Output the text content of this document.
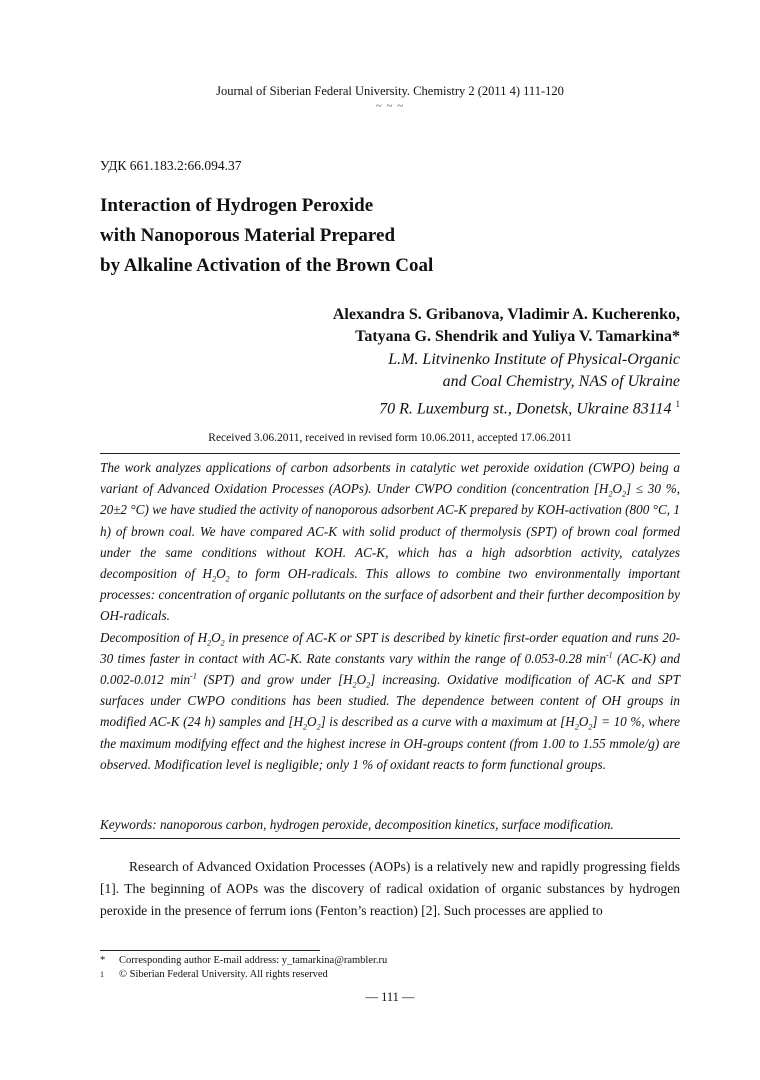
Journal of Siberian Federal University. Chemistry 2 (2011 4) 111-120
~ ~ ~
УДК 661.183.2:66.094.37
Interaction of Hydrogen Peroxide
with Nanoporous Material Prepared
by Alkaline Activation of the Brown Coal
Alexandra S. Gribanova, Vladimir A. Kucherenko,
Tatyana G. Shendrik and Yuliya V. Tamarkina*
L.M. Litvinenko Institute of Physical-Organic
and Coal Chemistry, NAS of Ukraine
70 R. Luxemburg st., Donetsk, Ukraine 83114 $^1$
Received 3.06.2011, received in revised form 10.06.2011, accepted 17.06.2011

The work analyzes applications of carbon adsorbents in catalytic wet peroxide oxidation (CWPO) being a variant of Advanced Oxidation Processes (AOPs). Under CWPO condition (concentration $[H_2O_2] \le 30$ %, 20±2 °C) we have studied the activity of nanoporous adsorbent AC-K prepared by KOH-activation (800 °C, 1 h) of brown coal. We have compared AC-K with solid product of thermolysis (SPT) of brown coal formed under the same conditions without KOH. AC-K, which has a high adsorbtion activity, catalyzes decomposition of $H_2O_2$ to form OH-radicals. This allows to combine two environmentally important processes: concentration of organic pollutants on the surface of adsorbent and their further decomposition by OH-radicals.

Decomposition of $H_2O_2$ in presence of AC-K or SPT is described by kinetic first-order equation and runs 20-30 times faster in contact with AC-K. Rate constants vary within the range of 0.053-0.28 $\min^{-1} (AC-K)$ and 0.002-0.012 $\min^{-1} (SPT)$ and grow under $[H_2O_2]$ increasing. Oxidative modification of AC-K and SPT surfaces under CWPO conditions has been studied. The dependence between content of OH groups in modified AC-K (24 h) samples and $[H_2O_2]$ is described as a curve with a maximum at $[H_2O_2] = 10$ %, where the maximum modifying effect and the highest increse in OH-groups content (from 1.00 to 1.55 mmole/g) are observed. Modification level is negligible; only 1 % of oxidant reacts to form functional groups.

Keywords: nanoporous carbon, hydrogen peroxide, decomposition kinetics, surface modification.

Research of Advanced Oxidation Processes (AOPs) is a relatively new and rapidly progressing fields [1]. The beginning of AOPs was the discovery of radical oxidation of organic substances by hydrogen peroxide in the presence of ferrum ions (Fenton’s reaction) [2]. Such processes are applied to

* Corresponding author E-mail address: y_tamarkina@rambler.ru
1 © Siberian Federal University. All rights reserved
― 111 ―
